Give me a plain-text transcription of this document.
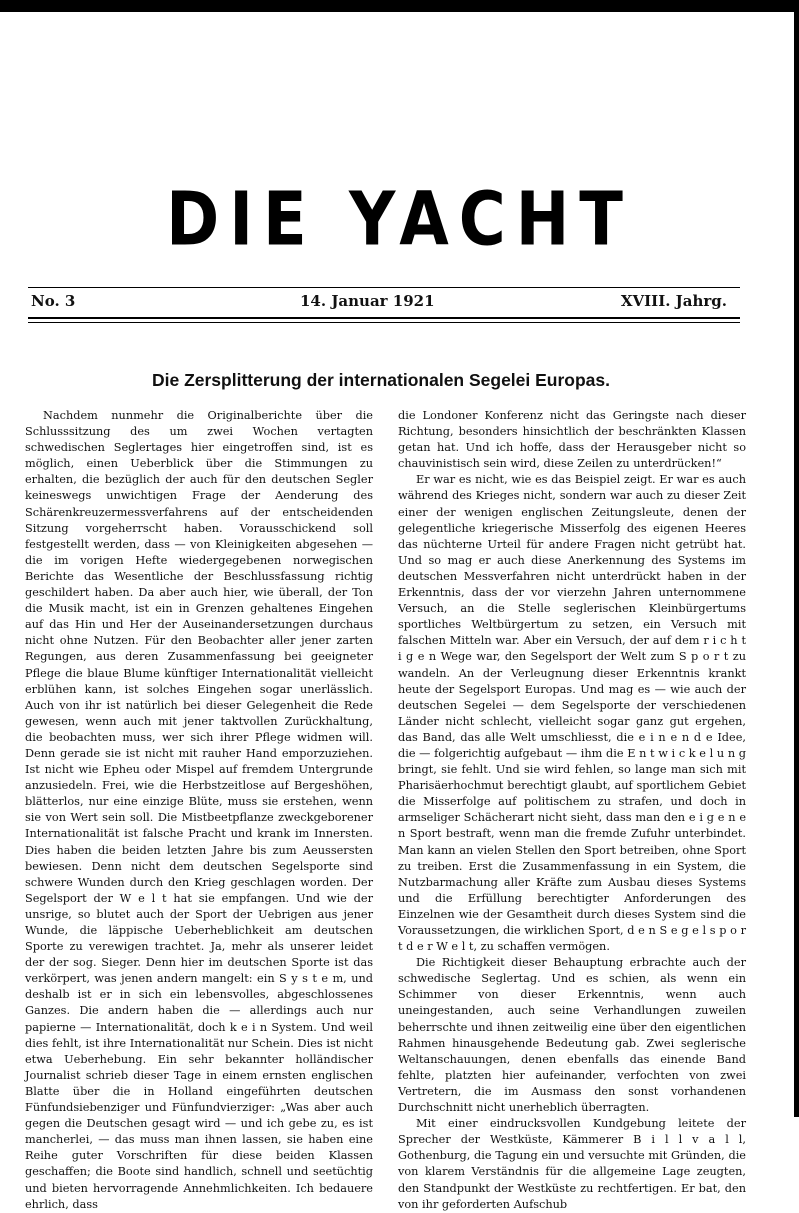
DIE YACHT
No. 3	14. Januar 1921	XVIII. Jahrg.
Die Zersplitterung der internationalen Segelei Europas.

Nachdem nunmehr die Originalberichte über die Schlusssitzung des um zwei Wochen vertagten schwedischen Seglertages hier eingetroffen sind, ist es möglich, einen Ueberblick über die Stimmungen zu erhalten, die bezüglich der auch für den deutschen Segler keineswegs unwichtigen Frage der Aenderung des Schärenkreuzermessverfahrens auf der entscheidenden Sitzung vorgeherrscht haben. Vorausschickend soll festgestellt werden, dass — von Kleinigkeiten abgesehen — die im vorigen Hefte wiedergegebenen norwegischen Berichte das Wesentliche der Beschlussfassung richtig geschildert haben. Da aber auch hier, wie überall, der Ton die Musik macht, ist ein in Grenzen gehaltenes Eingehen auf das Hin und Her der Auseinandersetzungen durchaus nicht ohne Nutzen. Für den Beobachter aller jener zarten Regungen, aus deren Zusammenfassung bei geeigneter Pflege die blaue Blume künftiger Internationalität vielleicht erblühen kann, ist solches Eingehen sogar unerlässlich. Auch von ihr ist natürlich bei dieser Gelegenheit die Rede gewesen, wenn auch mit jener taktvollen Zurückhaltung, die beobachten muss, wer sich ihrer Pflege widmen will. Denn gerade sie ist nicht mit rauher Hand emporzuziehen. Ist nicht wie Epheu oder Mispel auf fremdem Untergrunde anzusiedeln. Frei, wie die Herbstzeitlose auf Bergeshöhen, blätterlos, nur eine einzige Blüte, muss sie erstehen, wenn sie von Wert sein soll. Die Mistbeetpflanze zweckgeborener Internationalität ist falsche Pracht und krank im Innersten. Dies haben die beiden letzten Jahre bis zum Aeussersten bewiesen. Denn nicht dem deutschen Segelsporte sind schwere Wunden durch den Krieg geschlagen worden. Der Segelsport der W e l t hat sie empfangen. Und wie der unsrige, so blutet auch der Sport der Uebrigen aus jener Wunde, die läppische Ueberheblichkeit am deutschen Sporte zu verewigen trachtet. Ja, mehr als unserer leidet der der sog. Sieger. Denn hier im deutschen Sporte ist das verkörpert, was jenen andern mangelt: ein S y s t e m, und deshalb ist er in sich ein lebensvolles, abgeschlossenes Ganzes. Die andern haben die — allerdings auch nur papierne — Internationalität, doch k e i n System. Und weil dies fehlt, ist ihre Internationalität nur Schein. Dies ist nicht etwa Ueberhebung. Ein sehr bekannter holländischer Journalist schrieb dieser Tage in einem ernsten englischen Blatte über die in Holland eingeführten deutschen Fünfundsiebenziger und Fünfundvierziger: „Was aber auch gegen die Deutschen gesagt wird — und ich gebe zu, es ist mancherlei, — das muss man ihnen lassen, sie haben eine Reihe guter Vorschriften für diese beiden Klassen geschaffen; die Boote sind handlich, schnell und seetüchtig und bieten hervorragende Annehmlichkeiten. Ich bedauere ehrlich, dass

die Londoner Konferenz nicht das Geringste nach dieser Richtung, besonders hinsichtlich der beschränkten Klassen getan hat. Und ich hoffe, dass der Herausgeber nicht so chauvinistisch sein wird, diese Zeilen zu unterdrücken!“

Er war es nicht, wie es das Beispiel zeigt. Er war es auch während des Krieges nicht, sondern war auch zu dieser Zeit einer der wenigen englischen Zeitungsleute, denen der gelegentliche kriegerische Misserfolg des eigenen Heeres das nüchterne Urteil für andere Fragen nicht getrübt hat. Und so mag er auch diese Anerkennung des Systems im deutschen Messverfahren nicht unterdrückt haben in der Erkenntnis, dass der vor vierzehn Jahren unternommene Versuch, an die Stelle seglerischen Kleinbürgertums sportliches Weltbürgertum zu setzen, ein Versuch mit falschen Mitteln war. Aber ein Versuch, der auf dem r i c h t i g e n Wege war, den Segelsport der Welt zum S p o r t zu wandeln. An der Verleugnung dieser Erkenntnis krankt heute der Segelsport Europas. Und mag es — wie auch der deutschen Segelei — dem Segelsporte der verschiedenen Länder nicht schlecht, vielleicht sogar ganz gut ergehen, das Band, das alle Welt umschliesst, die e i n e n d e Idee, die — folgerichtig aufgebaut — ihm die E n t w i c k e l u n g bringt, sie fehlt. Und sie wird fehlen, so lange man sich mit Pharisäerhochmut berechtigt glaubt, auf sportlichem Gebiet die Misserfolge auf politischem zu strafen, und doch in armseliger Schächerart nicht sieht, dass man den e i g e n e n Sport bestraft, wenn man die fremde Zufuhr unterbindet. Man kann an vielen Stellen den Sport betreiben, ohne Sport zu treiben. Erst die Zusammenfassung in ein System, die Nutzbarmachung aller Kräfte zum Ausbau dieses Systems und die Erfüllung berechtigter Anforderungen des Einzelnen wie der Gesamtheit durch dieses System sind die Voraussetzungen, die wirklichen Sport, d e n S e g e l s p o r t d e r W e l t, zu schaffen vermögen.

Die Richtigkeit dieser Behauptung erbrachte auch der schwedische Seglertag. Und es schien, als wenn ein Schimmer von dieser Erkenntnis, wenn auch uneingestanden, auch seine Verhandlungen zuweilen beherrschte und ihnen zeitweilig eine über den eigentlichen Rahmen hinausgehende Bedeutung gab. Zwei seglerische Weltanschauungen, denen ebenfalls das einende Band fehlte, platzten hier aufeinander, verfochten von zwei Vertretern, die im Ausmass den sonst vorhandenen Durchschnitt nicht unerheblich überragten.

Mit einer eindrucksvollen Kundgebung leitete der Sprecher der Westküste, Kämmerer B i l l v a l l, Gothenburg, die Tagung ein und versuchte mit Gründen, die von klarem Verständnis für die allgemeine Lage zeugten, den Standpunkt der Westküste zu rechtfertigen. Er bat, den von ihr geforderten Aufschub
